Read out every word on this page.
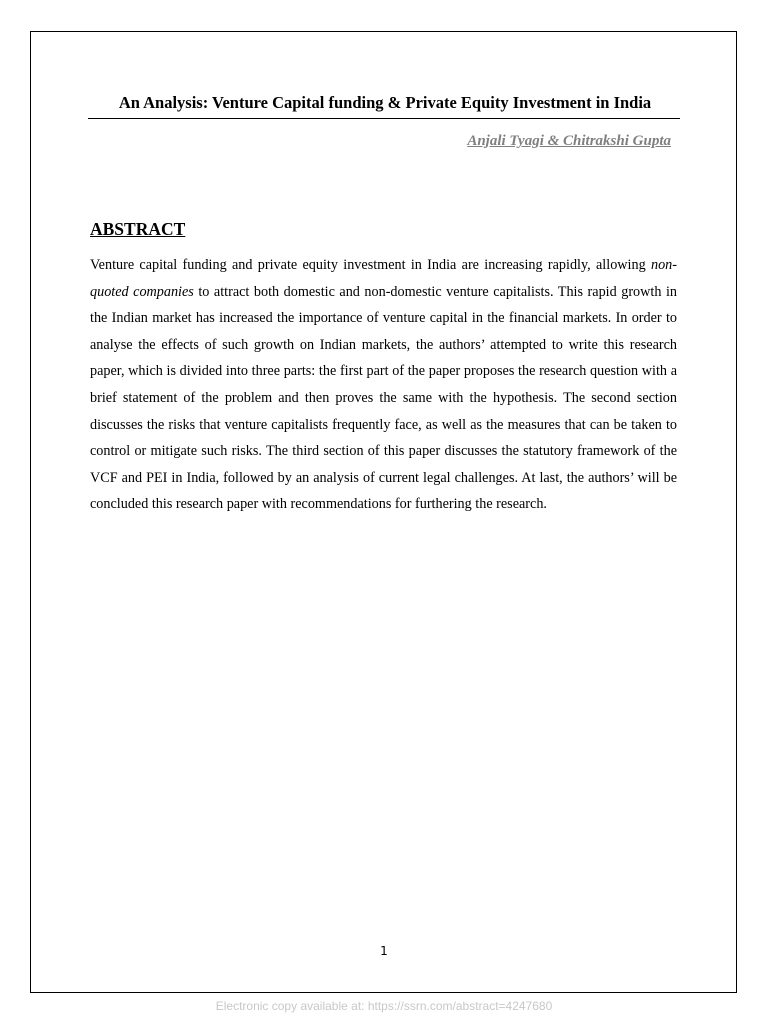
An Analysis: Venture Capital funding & Private Equity Investment in India
Anjali Tyagi & Chitrakshi Gupta
ABSTRACT

Venture capital funding and private equity investment in India are increasing rapidly, allowing non-quoted companies to attract both domestic and non-domestic venture capitalists. This rapid growth in the Indian market has increased the importance of venture capital in the financial markets. In order to analyse the effects of such growth on Indian markets, the authors’ attempted to write this research paper, which is divided into three parts: the first part of the paper proposes the research question with a brief statement of the problem and then proves the same with the hypothesis. The second section discusses the risks that venture capitalists frequently face, as well as the measures that can be taken to control or mitigate such risks. The third section of this paper discusses the statutory framework of the VCF and PEI in India, followed by an analysis of current legal challenges. At last, the authors’ will be concluded this research paper with recommendations for furthering the research.

1
Electronic copy available at: https://ssrn.com/abstract=4247680
